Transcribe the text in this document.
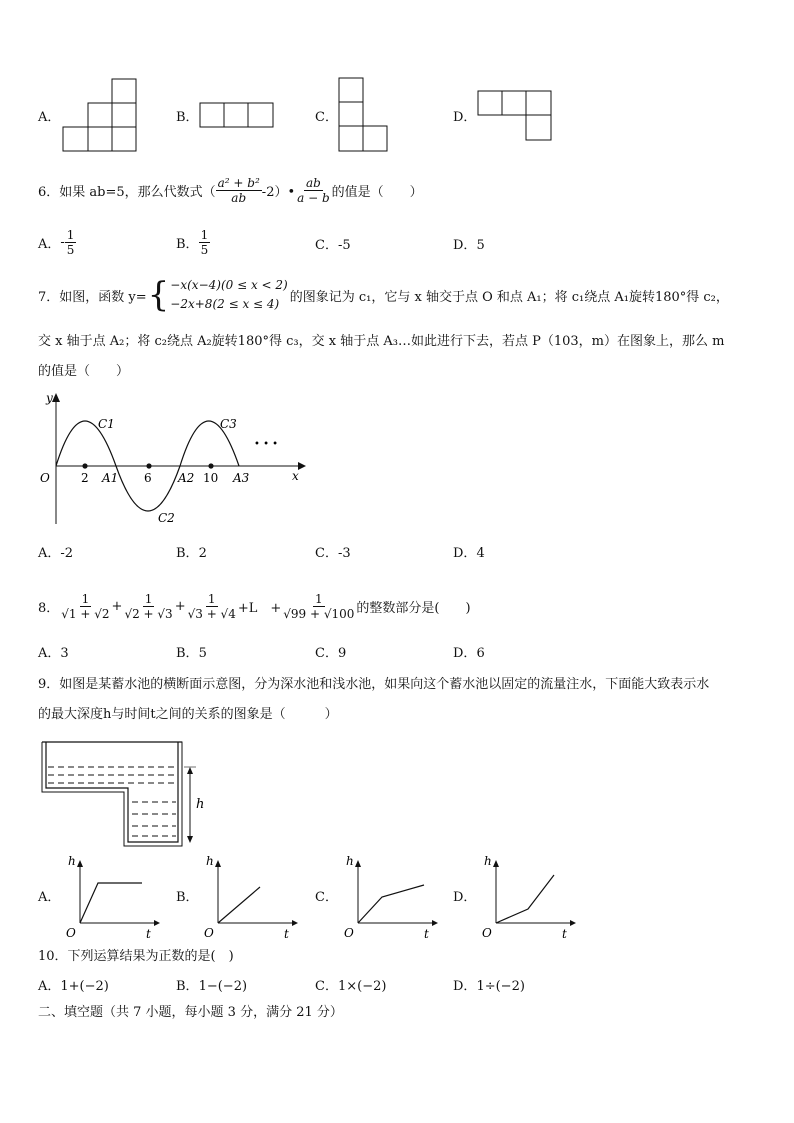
A．	B．	C．	D．
6． 如果 ab=5，那么代数式（ $\frac{\text{a² + b²}}{ab}$ -2）• $\frac{ab}{a - b}$ 的值是（　　）
A． - $\frac{1}{5}$	B． $\frac{1}{5}$	C．-5	D．5
7． 如图，函数 y= { −x(x−4)(0 ≤ x < 2)
−2x+8(2 ≤ x ≤ 4) 的图象记为 c₁，它与 x 轴交于点 O 和点 A₁；将 c₁绕点 A₁旋转180°得 c₂，
交 x 轴于点 A₂；将 c₂绕点 A₂旋转180°得 c₃，交 x 轴于点 A₃…如此进行下去，若点 P（103，m）在图象上，那么 m
的值是（　　）
y
x
O
C1
C2
C3
2	6	10
A1	A2	A3
• • •
A．-2	B．2	C．-3	D．4
8． $\frac{1}{√1 + √2} + \frac{1}{√2 + √3} + \frac{1}{√3 + √4} +L$　+ $\frac{1}{√99 + √100}$ 的整数部分是(　　)
A．3	B．5	C．9	D．6
9．如图是某蓄水池的横断面示意图，分为深水池和浅水池，如果向这个蓄水池以固定的流量注水，下面能大致表示水
的最大深度h与时间t之间的关系的图象是（　　　）
h
A．
h
O	t
B．
h
O	t
C．
h
O	t
D．
h
O	t
10．下列运算结果为正数的是(　)
A．1+(−2)	B．1−(−2)	C．1×(−2)	D．1÷(−2)
二、填空题（共 7 小题，每小题 3 分，满分 21 分）
